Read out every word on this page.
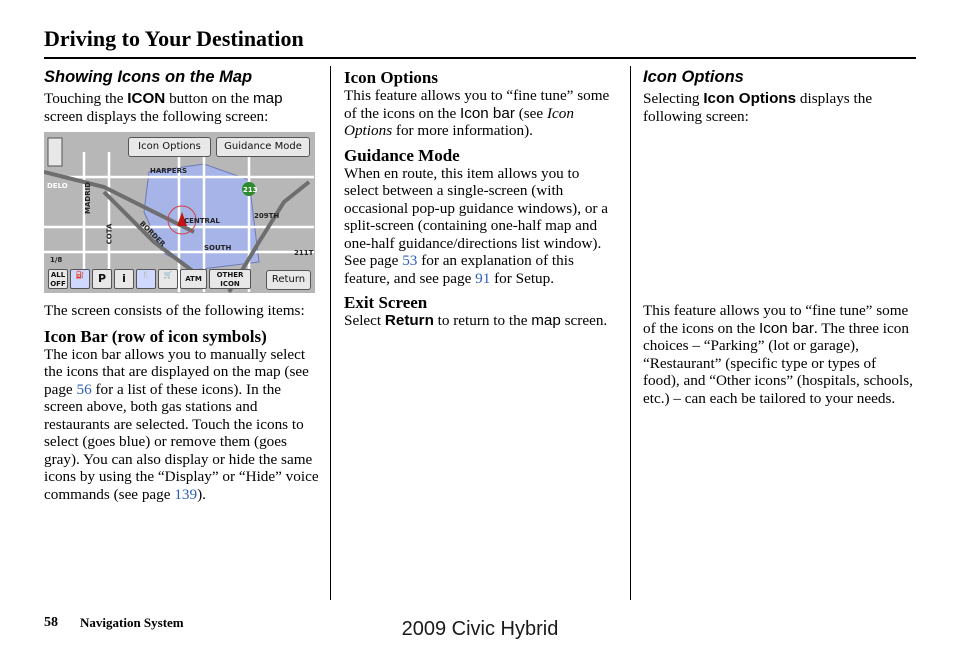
Driving to Your Destination
Showing Icons on the Map

Touching the ICON button on the map screen displays the following screen:

The screen consists of the following items:

Icon Bar (row of icon symbols)

The icon bar allows you to manually select the icons that are displayed on the map (see page 56 for a list of these icons). In the screen above, both gas stations and restaurants are selected. Touch the icons to select (goes blue) or remove them (goes gray). You can also display or hide the same icons by using the “Display” or “Hide” voice commands (see page 139).

Icon Options	Guidance Mode
Return
HARPERS
CENTRAL
SOUTH
209TH
211T
DELO MADRID
COTA	BORDER
213
1/8
ALL OFF
⛽	P	i	🍴	🛒	ATM	OTHER ICON
Icon Options

This feature allows you to “fine tune” some of the icons on the Icon bar (see Icon Options for more information).

Guidance Mode

When en route, this item allows you to select between a single-screen (with occasional pop-up guidance windows), or a split-screen (containing one-half map and one-half guidance/directions list window). See page 53 for an explanation of this feature, and see page 91 for Setup.

Exit Screen

Select Return to return to the map screen.

Icon Options

Selecting Icon Options displays the following screen:

This feature allows you to “fine tune” some of the icons on the Icon bar. The three icon choices – “Parking” (lot or garage), “Restaurant” (specific type or types of food), and “Other icons” (hospitals, schools, etc.) – can each be tailored to your needs.

58 Navigation System	2009 Civic Hybrid
